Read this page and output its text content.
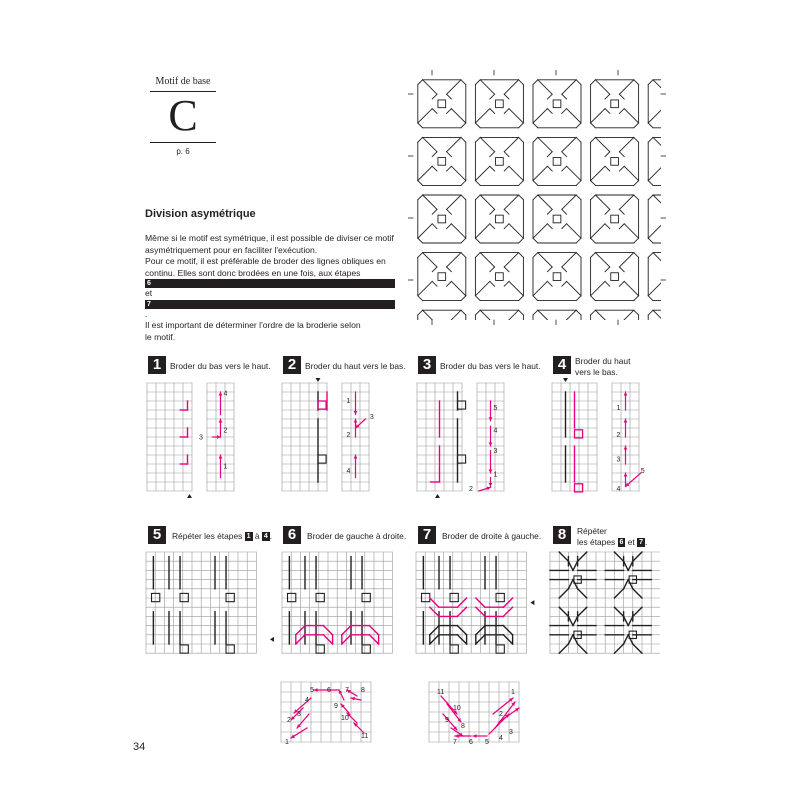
Motif de base
C
p. 6
Division asymétrique
Même si le motif est symétrique, il est possible de diviser ce motif
asymétriquement pour en faciliter l'exécution.
Pour ce motif, il est préférable de broder des lignes obliques en
continu. Elles sont donc brodées en une fois, aux étapes
6
et
7
.
Il est important de déterminer l'ordre de la broderie selon
le motif.
1	Broder du bas vers le haut.	2	Broder du haut vers le bas.	3	Broder du bas vers le haut.	4	Broder du haut
vers le bas.
5	Répéter les étapes 1 à 4 .	6	Broder de gauche à droite.	7	Broder de droite à gauche.	8	Répéter
les étapes 6 et 7 .
4
2
3
1
1
3
2
4
5
4
3
1
2
1
2
3
5
4
5 6 7 8
9
10
11
4
3
2
1
11
10
9
8
1
2
3
4
5
6
7
34
